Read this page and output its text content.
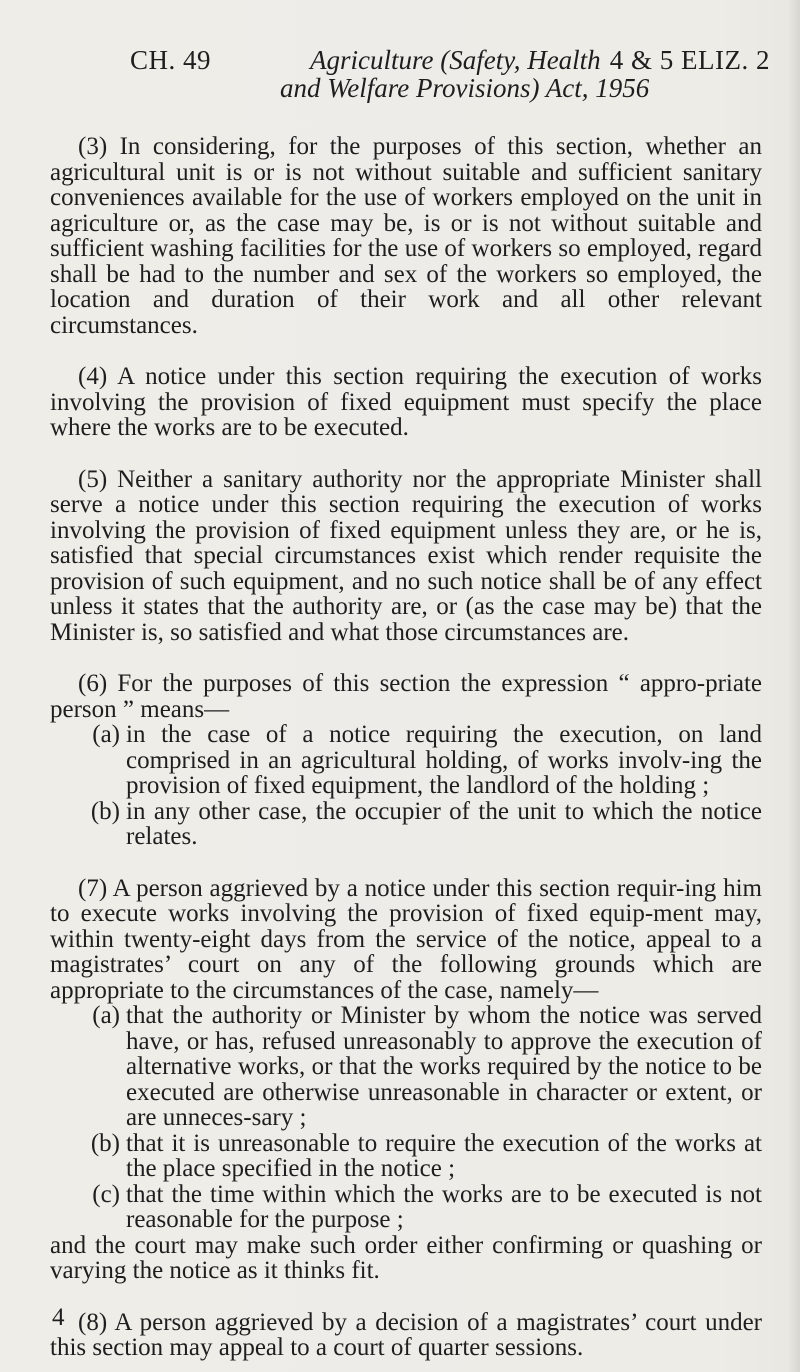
CH. 49	Agriculture (Safety, Health 4 & 5 ELIZ. 2
and Welfare Provisions) Act, 1956

(3) In considering, for the purposes of this section, whether an agricultural unit is or is not without suitable and sufficient sanitary conveniences available for the use of workers employed on the unit in agriculture or, as the case may be, is or is not without suitable and sufficient washing facilities for the use of workers so employed, regard shall be had to the number and sex of the workers so employed, the location and duration of their work and all other relevant circumstances.

(4) A notice under this section requiring the execution of works involving the provision of fixed equipment must specify the place where the works are to be executed.

(5) Neither a sanitary authority nor the appropriate Minister shall serve a notice under this section requiring the execution of works involving the provision of fixed equipment unless they are, or he is, satisfied that special circumstances exist which render requisite the provision of such equipment, and no such notice shall be of any effect unless it states that the authority are, or (as the case may be) that the Minister is, so satisfied and what those circumstances are.

(6) For the purposes of this section the expression “ appro-priate person ” means—

(a) in the case of a notice requiring the execution, on land comprised in an agricultural holding, of works involv-ing the provision of fixed equipment, the landlord of the holding ;
(b) in any other case, the occupier of the unit to which the notice relates.

(7) A person aggrieved by a notice under this section requir-ing him to execute works involving the provision of fixed equip-ment may, within twenty-eight days from the service of the notice, appeal to a magistrates’ court on any of the following grounds which are appropriate to the circumstances of the case, namely—

(a) that the authority or Minister by whom the notice was served have, or has, refused unreasonably to approve the execution of alternative works, or that the works required by the notice to be executed are otherwise unreasonable in character or extent, or are unneces-sary ;
(b) that it is unreasonable to require the execution of the works at the place specified in the notice ;
(c) that the time within which the works are to be executed is not reasonable for the purpose ;

and the court may make such order either confirming or quashing or varying the notice as it thinks fit.

(8) A person aggrieved by a decision of a magistrates’ court under this section may appeal to a court of quarter sessions.

4
